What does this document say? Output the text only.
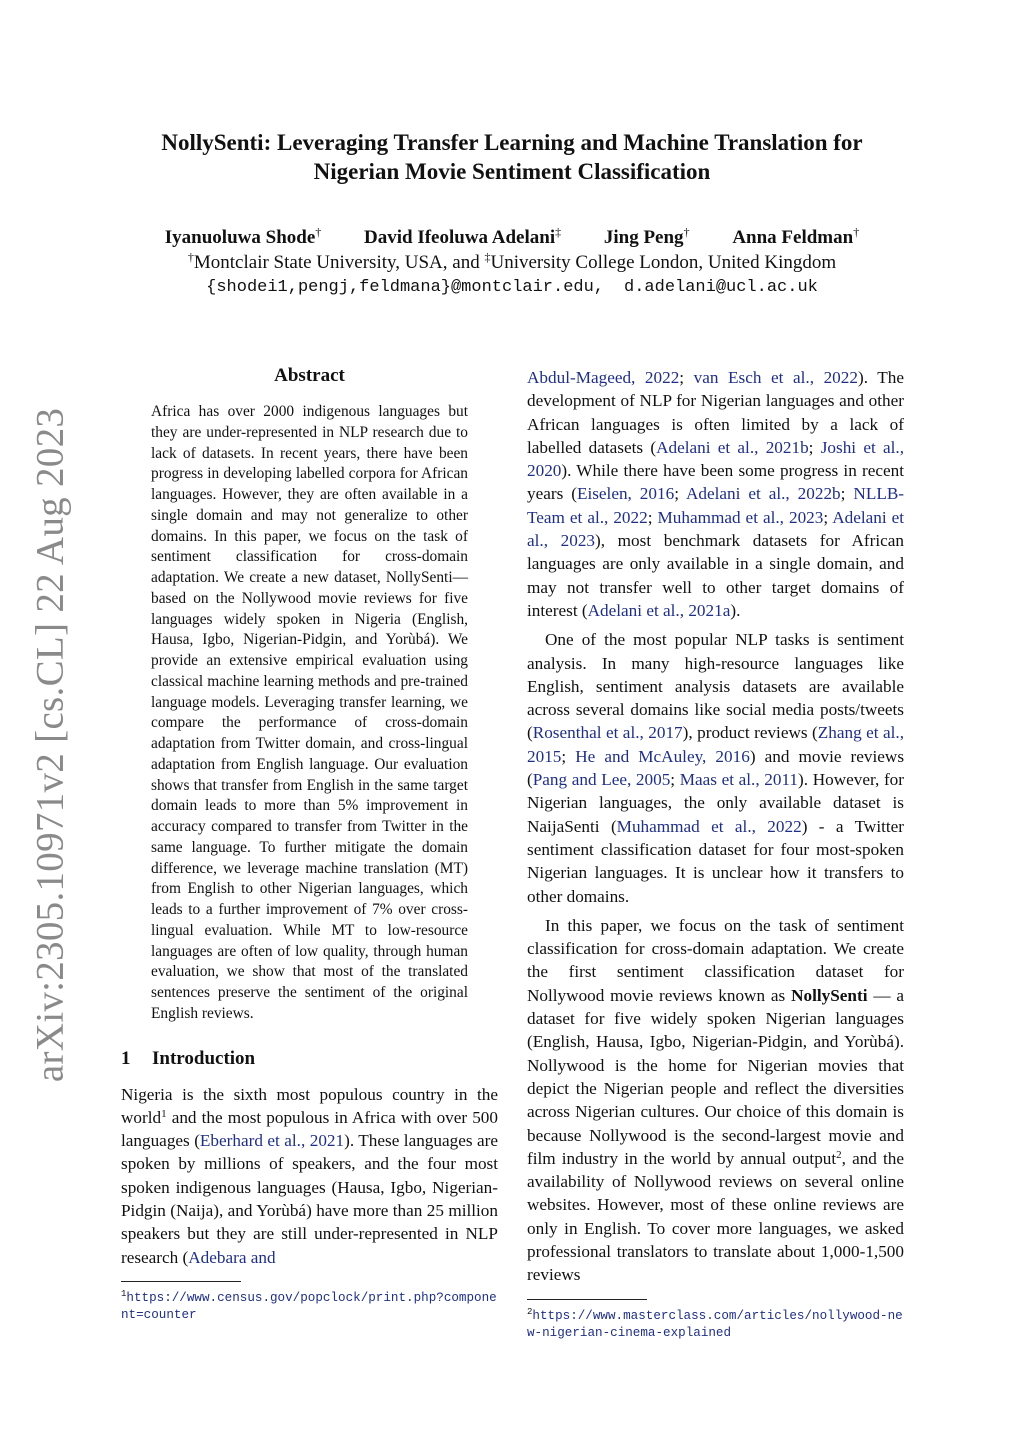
NollySenti: Leveraging Transfer Learning and Machine Translation for
Nigerian Movie Sentiment Classification
Iyanuoluwa Shode† David Ifeoluwa Adelani‡ Jing Peng† Anna Feldman†
†Montclair State University, USA, and ‡University College London, United Kingdom
{shodei1,pengj,feldmana}@montclair.edu, d.adelani@ucl.ac.uk
arXiv:2305.10971v2 [cs.CL] 22 Aug 2023
Abstract
Africa has over 2000 indigenous languages but they are under-represented in NLP research due to lack of datasets. In recent years, there have been progress in developing labelled corpora for African languages. However, they are often available in a single domain and may not generalize to other domains. In this paper, we focus on the task of sentiment classification for cross-domain adaptation. We create a new dataset, NollySenti—based on the Nollywood movie reviews for five languages widely spoken in Nigeria (English, Hausa, Igbo, Nigerian-Pidgin, and Yorùbá). We provide an extensive empirical evaluation using classical machine learning methods and pre-trained language models. Leveraging transfer learning, we compare the performance of cross-domain adaptation from Twitter domain, and cross-lingual adaptation from English language. Our evaluation shows that transfer from English in the same target domain leads to more than 5% improvement in accuracy compared to transfer from Twitter in the same language. To further mitigate the domain difference, we leverage machine translation (MT) from English to other Nigerian languages, which leads to a further improvement of 7% over cross-lingual evaluation. While MT to low-resource languages are often of low quality, through human evaluation, we show that most of the translated sentences preserve the sentiment of the original English reviews.
1 Introduction

Nigeria is the sixth most populous country in the world$^1$ and the most populous in Africa with over 500 languages (Eberhard et al., 2021). These languages are spoken by millions of speakers, and the four most spoken indigenous languages (Hausa, Igbo, Nigerian-Pidgin (Naija), and Yorùbá) have more than 25 million speakers but they are still under-represented in NLP research (Adebara and

$^1$https://www.census.gov/popclock/print.php?component=counter

Abdul-Mageed, 2022; van Esch et al., 2022). The development of NLP for Nigerian languages and other African languages is often limited by a lack of labelled datasets (Adelani et al., 2021b; Joshi et al., 2020). While there have been some progress in recent years (Eiselen, 2016; Adelani et al., 2022b; NLLB-Team et al., 2022; Muhammad et al., 2023; Adelani et al., 2023), most benchmark datasets for African languages are only available in a single domain, and may not transfer well to other target domains of interest (Adelani et al., 2021a).

One of the most popular NLP tasks is sentiment analysis. In many high-resource languages like English, sentiment analysis datasets are available across several domains like social media posts/tweets (Rosenthal et al., 2017), product reviews (Zhang et al., 2015; He and McAuley, 2016) and movie reviews (Pang and Lee, 2005; Maas et al., 2011). However, for Nigerian languages, the only available dataset is NaijaSenti (Muhammad et al., 2022) - a Twitter sentiment classification dataset for four most-spoken Nigerian languages. It is unclear how it transfers to other domains.

In this paper, we focus on the task of sentiment classification for cross-domain adaptation. We create the first sentiment classification dataset for Nollywood movie reviews known as NollySenti — a dataset for five widely spoken Nigerian languages (English, Hausa, Igbo, Nigerian-Pidgin, and Yorùbá). Nollywood is the home for Nigerian movies that depict the Nigerian people and reflect the diversities across Nigerian cultures. Our choice of this domain is because Nollywood is the second-largest movie and film industry in the world by annual output$^2$, and the availability of Nollywood reviews on several online websites. However, most of these online reviews are only in English. To cover more languages, we asked professional translators to translate about 1,000-1,500 reviews

$^2$https://www.masterclass.com/articles/nollywood-new-nigerian-cinema-explained
